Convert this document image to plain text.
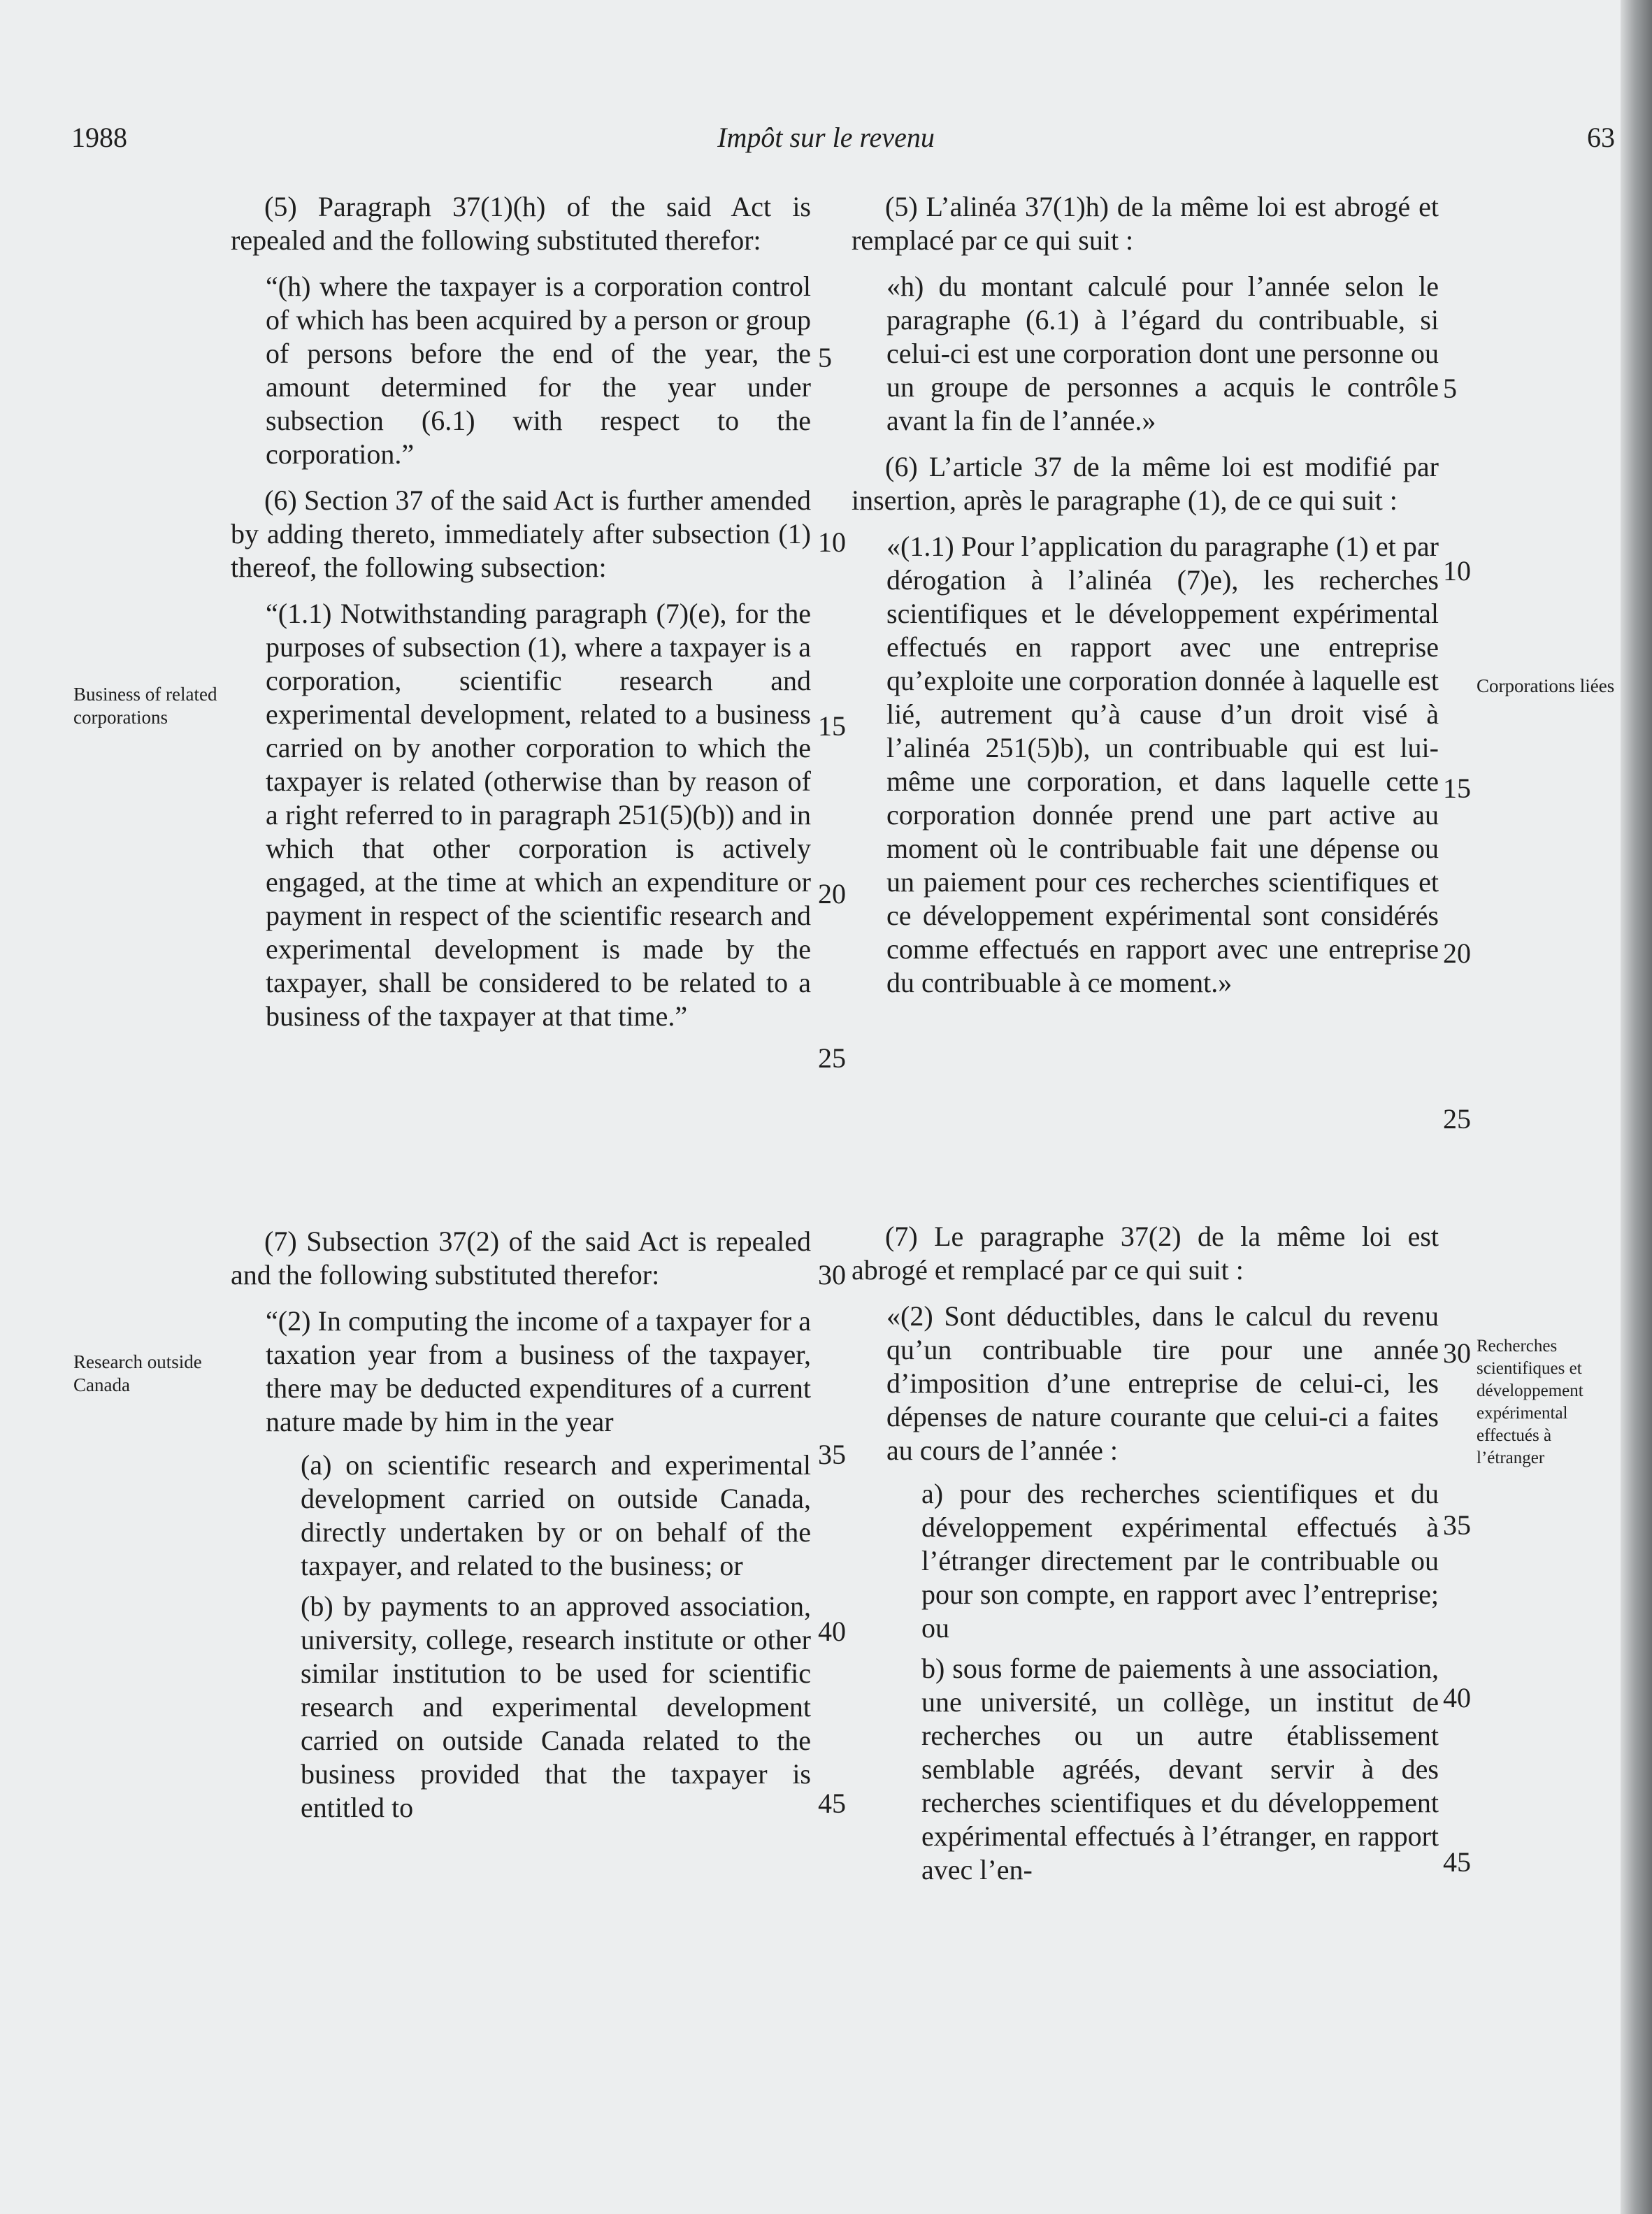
1988	Impôt sur le revenu	63

(5) Paragraph 37(1)(h) of the said Act is repealed and the following substituted therefor:

“(h) where the taxpayer is a corporation control of which has been acquired by a person or group of persons before the end of the year, the amount determined for the year under subsection (6.1) with respect to the corporation.”

(6) Section 37 of the said Act is further amended by adding thereto, immediately after subsection (1) thereof, the following subsection:

“(1.1) Notwithstanding paragraph (7)(e), for the purposes of subsection (1), where a taxpayer is a corporation, scientific research and experimental development, related to a business carried on by another corporation to which the taxpayer is related (otherwise than by reason of a right referred to in paragraph 251(5)(b)) and in which that other corporation is actively engaged, at the time at which an expenditure or payment in respect of the scientific research and experimental development is made by the taxpayer, shall be considered to be related to a business of the taxpayer at that time.”

(7) Subsection 37(2) of the said Act is repealed and the following substituted therefor:

“(2) In computing the income of a taxpayer for a taxation year from a business of the taxpayer, there may be deducted expenditures of a current nature made by him in the year

(a) on scientific research and experimental development carried on outside Canada, directly undertaken by or on behalf of the taxpayer, and related to the business; or

(b) by payments to an approved association, university, college, research institute or other similar institution to be used for scientific research and experimental development carried on outside Canada related to the business provided that the taxpayer is entitled to

(5) L’alinéa 37(1)h) de la même loi est abrogé et remplacé par ce qui suit :

«h) du montant calculé pour l’année selon le paragraphe (6.1) à l’égard du contribuable, si celui-ci est une corporation dont une personne ou un groupe de personnes a acquis le contrôle avant la fin de l’année.»

(6) L’article 37 de la même loi est modifié par insertion, après le paragraphe (1), de ce qui suit :

«(1.1) Pour l’application du paragraphe (1) et par dérogation à l’alinéa (7)e), les recherches scientifiques et le développement expérimental effectués en rapport avec une entreprise qu’exploite une corporation donnée à laquelle est lié, autrement qu’à cause d’un droit visé à l’alinéa 251(5)b), un contribuable qui est lui-même une corporation, et dans laquelle cette corporation donnée prend une part active au moment où le contribuable fait une dépense ou un paiement pour ces recherches scientifiques et ce développement expérimental sont considérés comme effectués en rapport avec une entreprise du contribuable à ce moment.»

(7) Le paragraphe 37(2) de la même loi est abrogé et remplacé par ce qui suit :

«(2) Sont déductibles, dans le calcul du revenu qu’un contribuable tire pour une année d’imposition d’une entreprise de celui-ci, les dépenses de nature courante que celui-ci a faites au cours de l’année :

a) pour des recherches scientifiques et du développement expérimental effectués à l’étranger directement par le contribuable ou pour son compte, en rapport avec l’entreprise; ou

b) sous forme de paiements à une association, une université, un collège, un institut de recherches ou un autre établissement semblable agréés, devant servir à des recherches scientifiques et du développement expérimental effectués à l’étranger, en rapport avec l’en-

5
10
15
20
25
30
35
40
45
5
10
15
20
25
30
35
40
45
Business of related corporations
Research outside Canada
Corporations liées
Recherches scientifiques et développement expérimental effectués à l’étranger
